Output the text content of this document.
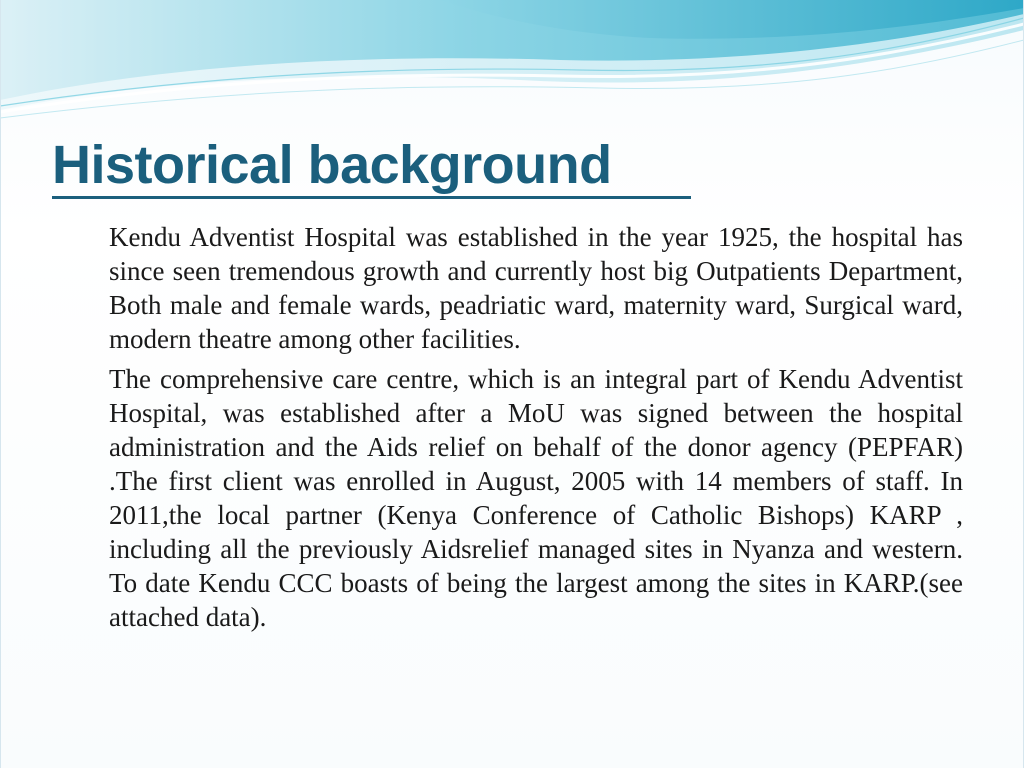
Historical background

Kendu Adventist Hospital was established in the year 1925, the hospital has since seen tremendous growth and currently host big Outpatients Department, Both male and female wards, peadriatic ward, maternity ward, Surgical ward, modern theatre among other facilities.

The comprehensive care centre, which is an integral part of Kendu Adventist Hospital, was established after a MoU was signed between the hospital administration and the Aids relief on behalf of the donor agency (PEPFAR) .The first client was enrolled in August, 2005 with 14 members of staff. In 2011,the local partner (Kenya Conference of Catholic Bishops) KARP , including all the previously Aidsrelief managed sites in Nyanza and western. To date Kendu CCC boasts of being the largest among the sites in KARP.(see attached data).
